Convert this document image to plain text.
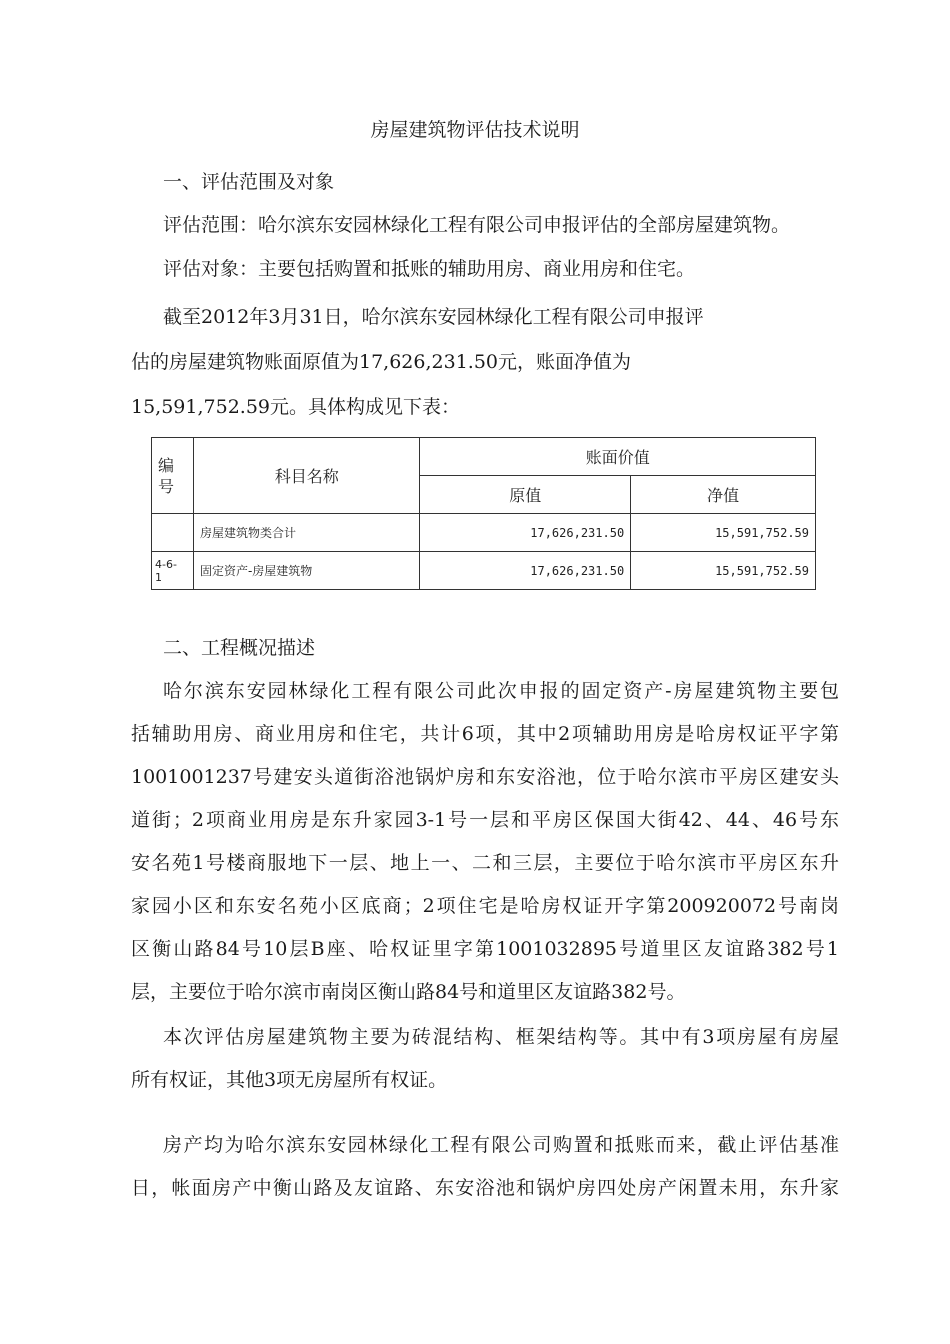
房屋建筑物评估技术说明
一、评估范围及对象
评估范围：哈尔滨东安园林绿化工程有限公司申报评估的全部房屋建筑物。
评估对象：主要包括购置和抵账的辅助用房、商业用房和住宅。
截至2012年3月31日，哈尔滨东安园林绿化工程有限公司申报评
估的房屋建筑物账面原值为17,626,231.50元，账面净值为
15,591,752.59元。具体构成见下表：
编
号	科目名称	账面价值	
		原值	净值
	房屋建筑物类合计	17,626,231.50	15,591,752.59

4-6-
1	固定资产-房屋建筑物	17,626,231.50	15,591,752.59
二、工程概况描述
哈尔滨东安园林绿化工程有限公司此次申报的固定资产-房屋建筑物主要包
括辅助用房、商业用房和住宅，共计6项，其中2项辅助用房是哈房权证平字第
1001001237号建安头道街浴池锅炉房和东安浴池，位于哈尔滨市平房区建安头
道街；2项商业用房是东升家园3-1号一层和平房区保国大街42、44、46号东
安名苑1号楼商服地下一层、地上一、二和三层，主要位于哈尔滨市平房区东升
家园小区和东安名苑小区底商；2项住宅是哈房权证开字第200920072号南岗
区衡山路84号10层B座、哈权证里字第1001032895号道里区友谊路382号1
层，主要位于哈尔滨市南岗区衡山路84号和道里区友谊路382号。
本次评估房屋建筑物主要为砖混结构、框架结构等。其中有3项房屋有房屋
所有权证，其他3项无房屋所有权证。
房产均为哈尔滨东安园林绿化工程有限公司购置和抵账而来，截止评估基准
日，帐面房产中衡山路及友谊路、东安浴池和锅炉房四处房产闲置未用，东升家
